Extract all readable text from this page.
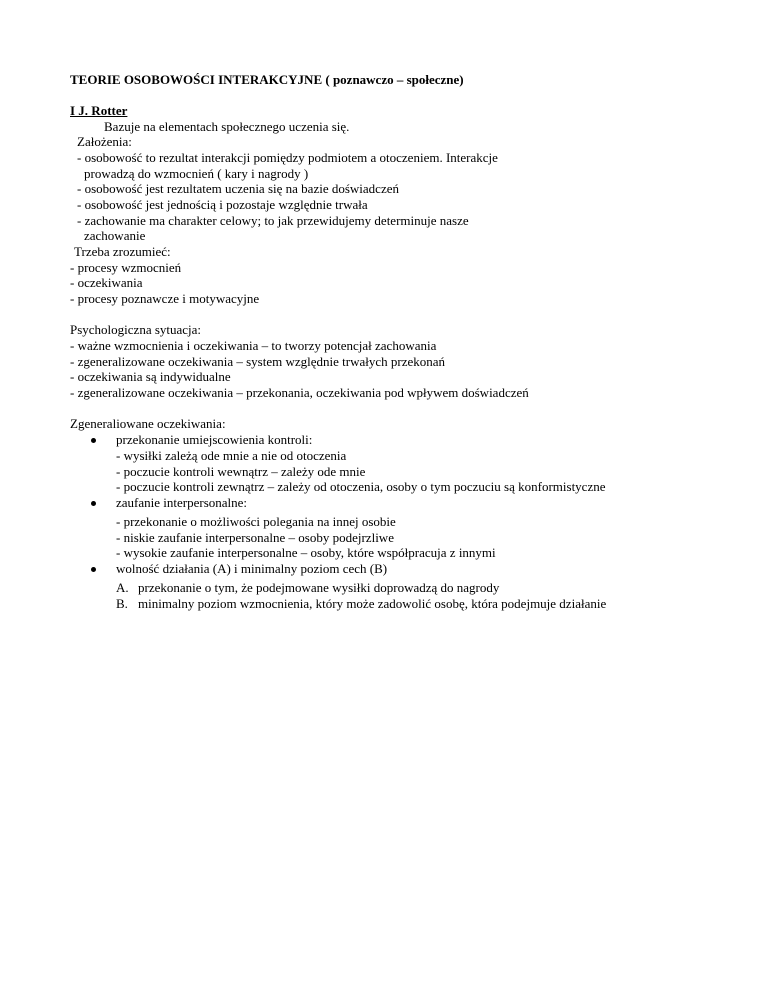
TEORIE OSOBOWOŚCI INTERAKCYJNE ( poznawczo – społeczne)
I J. Rotter
Bazuje na elementach społecznego uczenia się.
Założenia:
- osobowość to rezultat interakcji pomiędzy podmiotem a otoczeniem. Interakcje
prowadzą do wzmocnień ( kary i nagrody )
- osobowość jest rezultatem uczenia się na bazie doświadczeń
- osobowość jest jednością i pozostaje względnie trwała
- zachowanie ma charakter celowy; to jak przewidujemy determinuje nasze
zachowanie
Trzeba zrozumieć:
- procesy wzmocnień
- oczekiwania
- procesy poznawcze i motywacyjne
Psychologiczna sytuacja:
- ważne wzmocnienia i oczekiwania – to tworzy potencjał zachowania
- zgeneralizowane oczekiwania – system względnie trwałych przekonań
- oczekiwania są indywidualne
- zgeneralizowane oczekiwania – przekonania, oczekiwania pod wpływem doświadczeń
Zgeneraliowane oczekiwania:
przekonanie umiejscowienia kontroli:
- wysiłki zależą ode mnie a nie od otoczenia
- poczucie kontroli wewnątrz – zależy ode mnie
- poczucie kontroli zewnątrz – zależy od otoczenia, osoby o tym poczuciu są konformistyczne
zaufanie interpersonalne:
- przekonanie o możliwości polegania na innej osobie
- niskie zaufanie interpersonalne – osoby podejrzliwe
- wysokie zaufanie interpersonalne – osoby, które współpracuja z innymi
wolność działania (A) i minimalny poziom cech (B)
A. przekonanie o tym, że podejmowane wysiłki doprowadzą do nagrody
B. minimalny poziom wzmocnienia, który może zadowolić osobę, która podejmuje działanie
